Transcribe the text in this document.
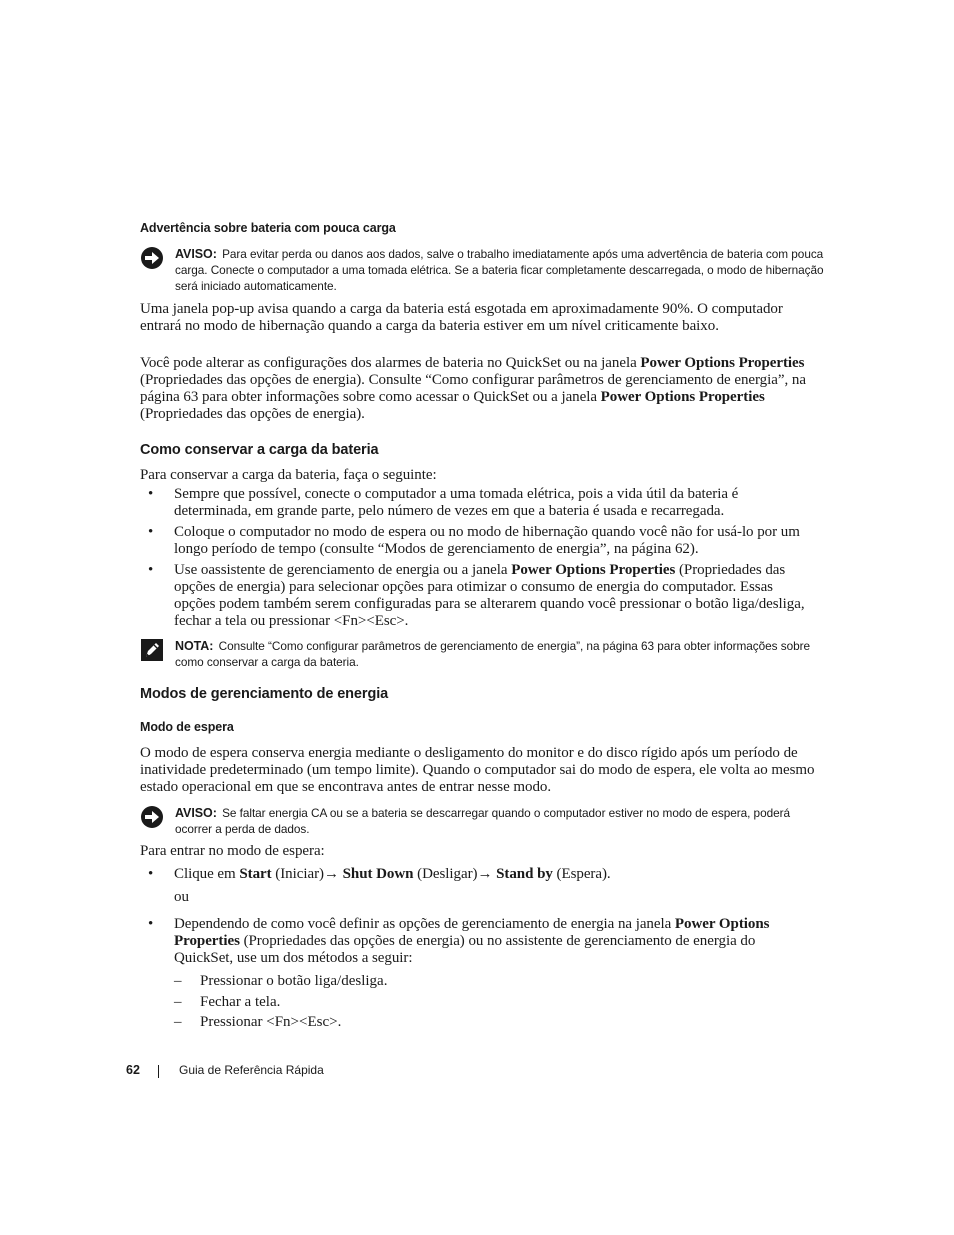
Advertência sobre bateria com pouca carga
AVISO: Para evitar perda ou danos aos dados, salve o trabalho imediatamente após uma advertência de bateria com pouca carga. Conecte o computador a uma tomada elétrica. Se a bateria ficar completamente descarregada, o modo de hibernação será iniciado automaticamente.
Uma janela pop-up avisa quando a carga da bateria está esgotada em aproximadamente 90%. O computador entrará no modo de hibernação quando a carga da bateria estiver em um nível criticamente baixo.
Você pode alterar as configurações dos alarmes de bateria no QuickSet ou na janela Power Options Properties (Propriedades das opções de energia). Consulte “Como configurar parâmetros de gerenciamento de energia”, na página 63 para obter informações sobre como acessar o QuickSet ou a janela Power Options Properties (Propriedades das opções de energia).
Como conservar a carga da bateria
Para conservar a carga da bateria, faça o seguinte:
• Sempre que possível, conecte o computador a uma tomada elétrica, pois a vida útil da bateria é determinada, em grande parte, pelo número de vezes em que a bateria é usada e recarregada.
• Coloque o computador no modo de espera ou no modo de hibernação quando você não for usá-lo por um longo período de tempo (consulte “Modos de gerenciamento de energia”, na página 62).
• Use oassistente de gerenciamento de energia ou a janela Power Options Properties (Propriedades das opções de energia) para selecionar opções para otimizar o consumo de energia do computador. Essas opções podem também serem configuradas para se alterarem quando você pressionar o botão liga/desliga, fechar a tela ou pressionar <Fn><Esc>.
NOTA: Consulte “Como configurar parâmetros de gerenciamento de energia”, na página 63 para obter informações sobre como conservar a carga da bateria.
Modos de gerenciamento de energia
Modo de espera
O modo de espera conserva energia mediante o desligamento do monitor e do disco rígido após um período de inatividade predeterminado (um tempo limite). Quando o computador sai do modo de espera, ele volta ao mesmo estado operacional em que se encontrava antes de entrar nesse modo.
AVISO: Se faltar energia CA ou se a bateria se descarregar quando o computador estiver no modo de espera, poderá ocorrer a perda de dados.
Para entrar no modo de espera:
• Clique em Start (Iniciar)→ Shut Down (Desligar)→ Stand by (Espera).
ou
• Dependendo de como você definir as opções de gerenciamento de energia na janela Power Options Properties (Propriedades das opções de energia) ou no assistente de gerenciamento de energia do QuickSet, use um dos métodos a seguir:
– Pressionar o botão liga/desliga.
– Fechar a tela.
– Pressionar <Fn><Esc>.
62	Guia de Referência Rápida
